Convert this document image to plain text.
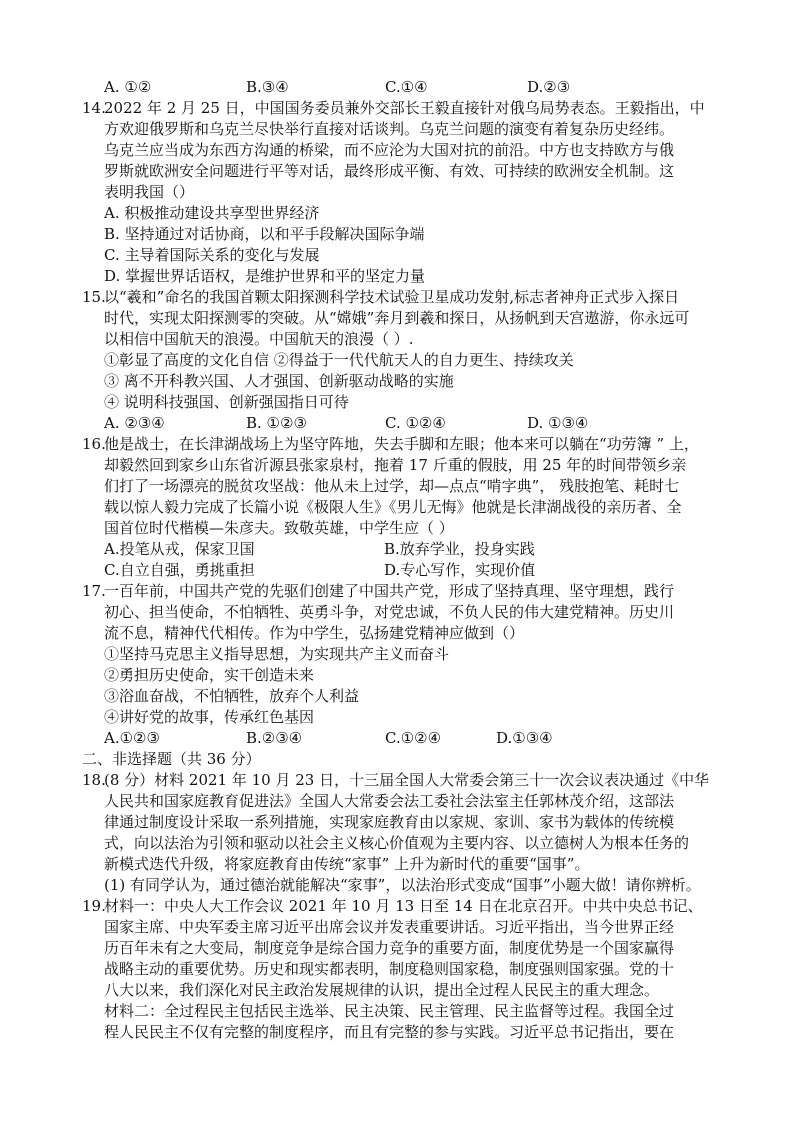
A. ①②	B.③④	C.①④	D.②③
14.
2022 年 2 月 25 日，中国国务委员兼外交部长王毅直接针对俄乌局势表态。王毅指出，中
方欢迎俄罗斯和乌克兰尽快举行直接对话谈判。乌克兰问题的演变有着复杂历史经纬。
乌克兰应当成为东西方沟通的桥梁，而不应沦为大国对抗的前沿。中方也支持欧方与俄
罗斯就欧洲安全问题进行平等对话，最终形成平衡、有效、可持续的欧洲安全机制。这
表明我国（）
A. 积极推动建设共享型世界经济
B. 坚持通过对话协商，以和平手段解决国际争端
C. 主导着国际关系的变化与发展
D. 掌握世界话语权，是维护世界和平的坚定力量
15.
以“羲和”命名的我国首颗太阳探测科学技术试验卫星成功发射,标志者神舟正式步入探日
时代，实现太阳探测零的突破。从“嫦娥”奔月到羲和探日，从扬帆到天宫遨游，你永远可
以相信中国航天的浪漫。中国航天的浪漫（ ）.
①彰显了高度的文化自信 ②得益于一代代航天人的自力更生、持续攻关
③ 离不开科教兴国、人才强国、创新驱动战略的实施
④ 说明科技强国、创新强国指日可待
A. ②③④	B. ①②③	C. ①②④	D. ①③④
16.
他是战士，在长津湖战场上为坚守阵地，失去手脚和左眼；他本来可以躺在“功劳簿 ” 上，
却毅然回到家乡山东省沂源县张家泉村，拖着 17 斤重的假肢，用 25 年的时间带领乡亲
们打了一场漂亮的脱贫攻坚战：他从未上过学，却—点点“啃字典”， 残肢抱笔、耗时七
载以惊人毅力完成了长篇小说《极限人生》《男儿无悔》他就是长津湖战役的亲历者、全
国首位时代楷模—朱彦夫。致敬英雄，中学生应（ ）
A.投笔从戎，保家卫国	B.放弃学业，投身实践
C.自立自强，勇挑重担	D.专心写作，实现价值
17.
一百年前，中国共产党的先驱们创建了中国共产党，形成了坚持真理、坚守理想，践行
初心、担当使命，不怕牺牲、英勇斗争，对党忠诚，不负人民的伟大建党精神。历史川
流不息，精神代代相传。作为中学生，弘扬建党精神应做到（）
①坚持马克思主义指导思想，为实现共产主义而奋斗
②勇担历史使命，实干创造未来
③浴血奋战，不怕牺牲，放弃个人利益
④讲好党的故事，传承红色基因
A.①②③	B.②③④	C.①②④	D.①③④
二、非选择题（共 36 分）
18.
(8 分）材料 2021 年 10 月 23 日，十三届全国人大常委会第三十一次会议表决通过《中华
人民共和国家庭教育促进法》全国人大常委会法工委社会法室主任郭林茂介绍，这部法
律通过制度设计采取一系列措施，实现家庭教育由以家规、家训、家书为载体的传统模
式，向以法治为引领和驱动以社会主义核心价值观为主要内容、以立德树人为根本任务的
新模式迭代升级，将家庭教育由传统“家事” 上升为新时代的重要“国事”。
(1) 有同学认为，通过德治就能解决“家事”，以法治形式变成“国事”小题大做！请你辨析。
19.
材料一：中央人大工作会议 2021 年 10 月 13 日至 14 日在北京召开。中共中央总书记、
国家主席、中央军委主席习近平出席会议并发表重要讲话。习近平指出，当今世界正经
历百年未有之大变局，制度竞争是综合国力竞争的重要方面，制度优势是一个国家赢得
战略主动的重要优势。历史和现实都表明，制度稳则国家稳，制度强则国家强。党的十
八大以来，我们深化对民主政治发展规律的认识，提出全过程人民民主的重大理念。
材料二：全过程民主包括民主选举、民主决策、民主管理、民主监督等过程。我国全过
程人民民主不仅有完整的制度程序，而且有完整的参与实践。习近平总书记指出，要在
